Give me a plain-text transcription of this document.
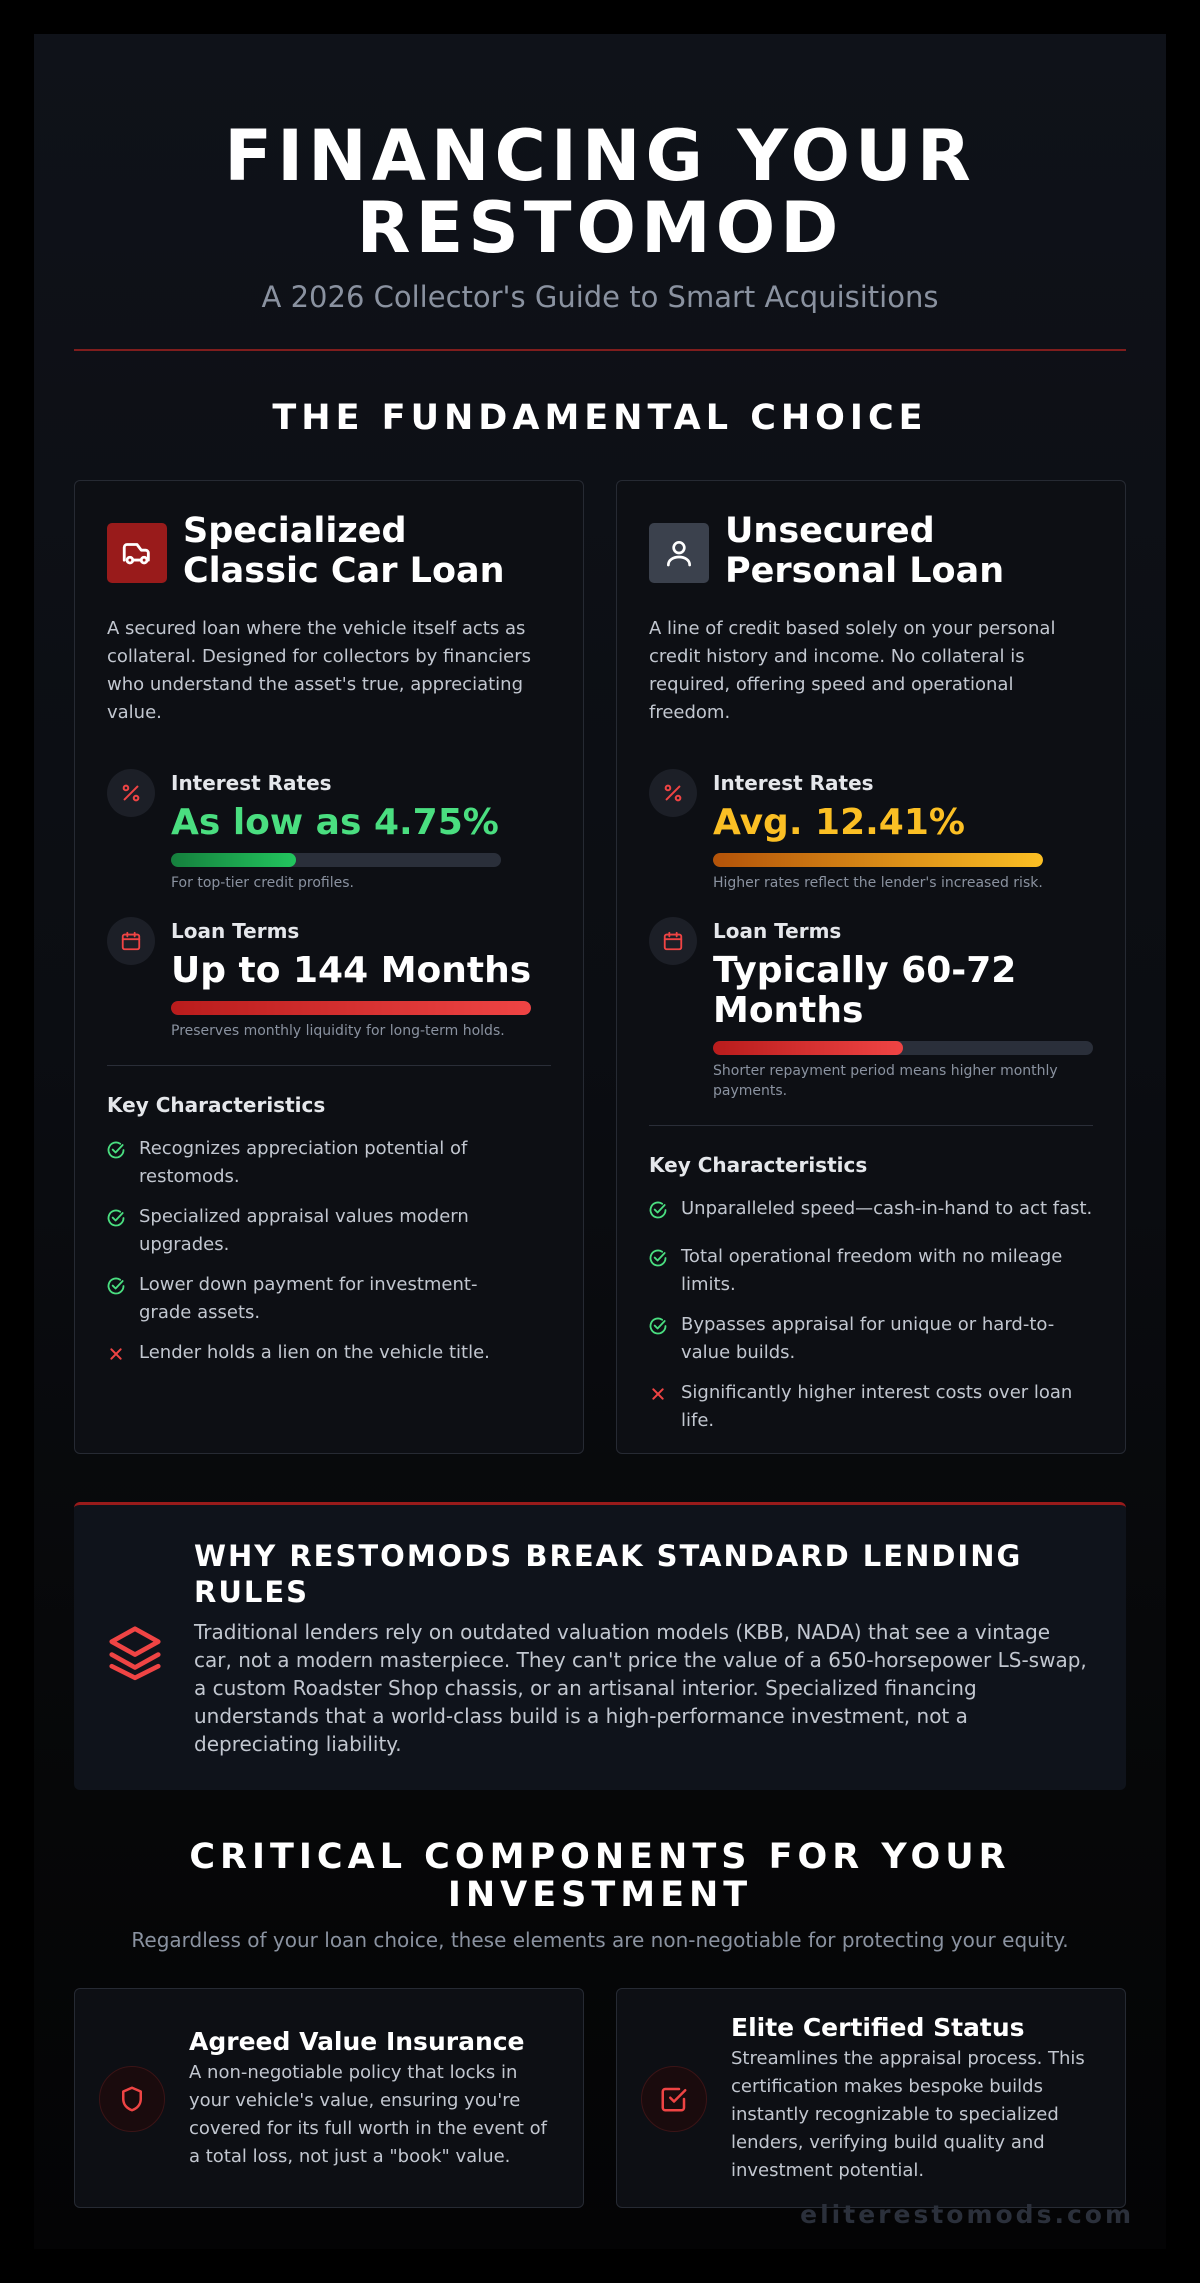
FINANCING YOUR RESTOMOD
A 2026 Collector's Guide to Smart Acquisitions
THE FUNDAMENTAL CHOICE
Specialized
Classic Car Loan
A secured loan where the vehicle itself acts as collateral. Designed for collectors by financiers who understand the asset's true, appreciating value.
Interest Rates
As low as 4.75%
For top-tier credit profiles.
Loan Terms
Up to 144 Months
Preserves monthly liquidity for long-term holds.
Key Characteristics
Recognizes appreciation potential of restomods.
Specialized appraisal values modern upgrades.
Lower down payment for investment-grade assets.
Lender holds a lien on the vehicle title.
Unsecured
Personal Loan
A line of credit based solely on your personal credit history and income. No collateral is required, offering speed and operational freedom.
Interest Rates
Avg. 12.41%
Higher rates reflect the lender's increased risk.
Loan Terms
Typically 60-72
Months
Shorter repayment period means higher monthly
payments.
Key Characteristics
Unparalleled speed—cash-in-hand to act fast.
Total operational freedom with no mileage limits.
Bypasses appraisal for unique or hard-to-value builds.
Significantly higher interest costs over loan life.
WHY RESTOMODS BREAK STANDARD LENDING RULES
Traditional lenders rely on outdated valuation models (KBB, NADA) that see a vintage car, not a modern masterpiece. They can't price the value of a 650-horsepower LS-swap, a custom Roadster Shop chassis, or an artisanal interior. Specialized financing understands that a world-class build is a high-performance investment, not a depreciating liability.
CRITICAL COMPONENTS FOR YOUR INVESTMENT
Regardless of your loan choice, these elements are non-negotiable for protecting your equity.
Agreed Value Insurance
A non-negotiable policy that locks in your vehicle's value, ensuring you're covered for its full worth in the event of a total loss, not just a "book" value.
Elite Certified Status
Streamlines the appraisal process. This certification makes bespoke builds instantly recognizable to specialized lenders, verifying build quality and investment potential.
eliterestomods.com
